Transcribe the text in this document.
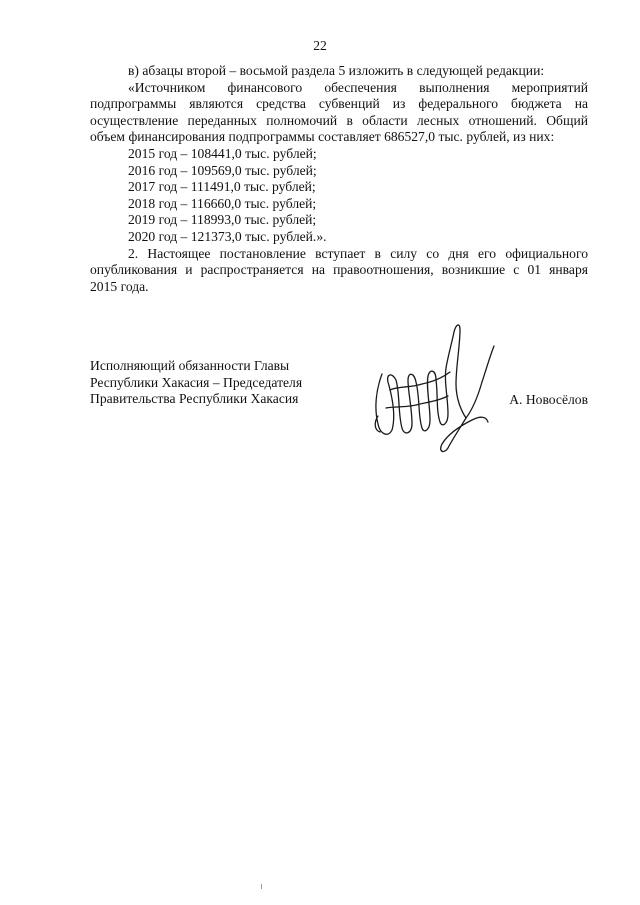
22
в) абзацы второй – восьмой раздела 5 изложить в следующей редакции:
«Источником финансового обеспечения выполнения мероприятий
подпрограммы являются средства субвенций из федерального бюджета на
осуществление переданных полномочий в области лесных отношений. Общий
объем финансирования подпрограммы составляет 686527,0 тыс. рублей, из них:
2015 год – 108441,0 тыс. рублей;
2016 год – 109569,0 тыс. рублей;
2017 год – 111491,0 тыс. рублей;
2018 год – 116660,0 тыс. рублей;
2019 год – 118993,0 тыс. рублей;
2020 год – 121373,0 тыс. рублей.».
2. Настоящее постановление вступает в силу со дня его официального
опубликования и распространяется на правоотношения, возникшие с 01 января
2015 года.
Исполняющий обязанности Главы
Республики Хакасия – Председателя
Правительства Республики Хакасия	А. Новосёлов
